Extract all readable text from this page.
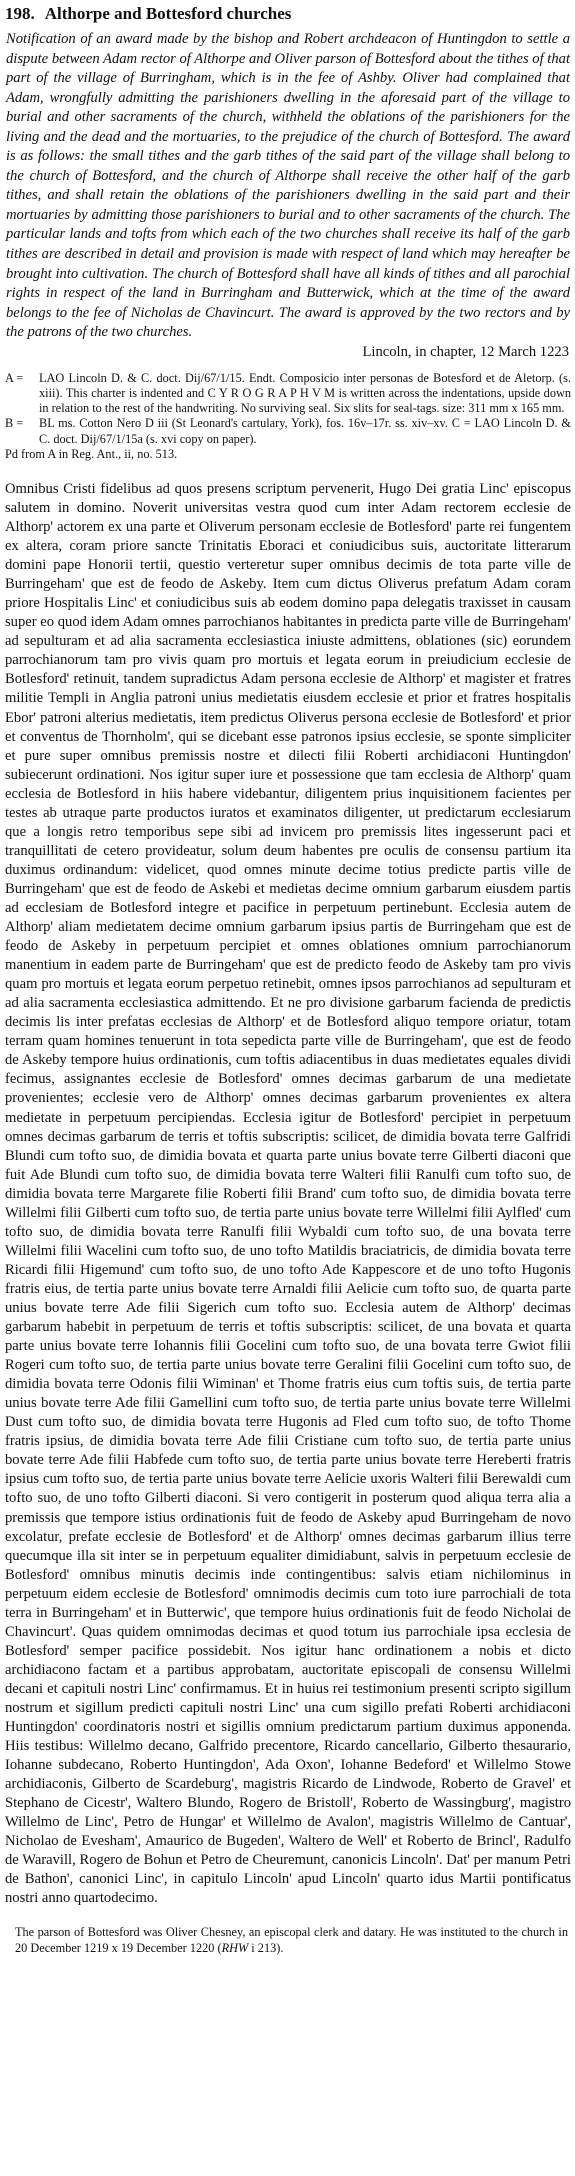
198. Althorpe and Bottesford churches

Notification of an award made by the bishop and Robert archdeacon of Huntingdon to settle a dispute between Adam rector of Althorpe and Oliver parson of Bottesford about the tithes of that part of the village of Burringham, which is in the fee of Ashby. Oliver had complained that Adam, wrongfully admitting the parishioners dwelling in the aforesaid part of the village to burial and other sacraments of the church, withheld the oblations of the parishioners for the living and the dead and the mortuaries, to the prejudice of the church of Bottesford. The award is as follows: the small tithes and the garb tithes of the said part of the village shall belong to the church of Bottesford, and the church of Althorpe shall receive the other half of the garb tithes, and shall retain the oblations of the parishioners dwelling in the said part and their mortuaries by admitting those parishioners to burial and to other sacraments of the church. The particular lands and tofts from which each of the two churches shall receive its half of the garb tithes are described in detail and provision is made with respect of land which may hereafter be brought into cultivation. The church of Bottesford shall have all kinds of tithes and all parochial rights in respect of the land in Burringham and Butterwick, which at the time of the award belongs to the fee of Nicholas de Chavincurt. The award is approved by the two rectors and by the patrons of the two churches.

Lincoln, in chapter, 12 March 1223

A = LAO Lincoln D. & C. doct. Dij/67/1/15. Endt. Composicio inter personas de Botesford et de Aletorp. (s. xiii). This charter is indented and C Y R O G R A P H V M is written across the indentations, upside down in relation to the rest of the handwriting. No surviving seal. Six slits for seal-tags. size: 311 mm x 165 mm.

B = BL ms. Cotton Nero D iii (St Leonard's cartulary, York), fos. 16v–17r. ss. xiv–xv. C = LAO Lincoln D. & C. doct. Dij/67/1/15a (s. xvi copy on paper).

Pd from A in Reg. Ant., ii, no. 513.

Omnibus Cristi fidelibus ad quos presens scriptum pervenerit, Hugo Dei gratia Linc' episcopus salutem in domino. Noverit universitas vestra quod cum inter Adam rectorem ecclesie de Althorp' actorem ex una parte et Oliverum personam ecclesie de Botlesford' parte rei fungentem ex altera, coram priore sancte Trinitatis Eboraci et coniudicibus suis, auctoritate litterarum domini pape Honorii tertii, questio verteretur super omnibus decimis de tota parte ville de Burringeham' que est de feodo de Askeby. Item cum dictus Oliverus prefatum Adam coram priore Hospitalis Linc' et coniudicibus suis ab eodem domino papa delegatis traxisset in causam super eo quod idem Adam omnes parrochianos habitantes in predicta parte ville de Burringeham' ad sepulturam et ad alia sacramenta ecclesiastica iniuste admittens, oblationes (sic) eorundem parrochianorum tam pro vivis quam pro mortuis et legata eorum in preiudicium ecclesie de Botlesford' retinuit, tandem supradictus Adam persona ecclesie de Althorp' et magister et fratres militie Templi in Anglia patroni unius medietatis eiusdem ecclesie et prior et fratres hospitalis Ebor' patroni alterius medietatis, item predictus Oliverus persona ecclesie de Botlesford' et prior et conventus de Thornholm', qui se dicebant esse patronos ipsius ecclesie, se sponte simpliciter et pure super omnibus premissis nostre et dilecti filii Roberti archidiaconi Huntingdon' subiecerunt ordinationi. Nos igitur super iure et possessione que tam ecclesia de Althorp' quam ecclesia de Botlesford in hiis habere videbantur, diligentem prius inquisitionem facientes per testes ab utraque parte productos iuratos et examinatos diligenter, ut predictarum ecclesiarum que a longis retro temporibus sepe sibi ad invicem pro premissis lites ingesserunt paci et tranquillitati de cetero provideatur, solum deum habentes pre oculis de consensu partium ita duximus ordinandum: videlicet, quod omnes minute decime totius predicte partis ville de Burringeham' que est de feodo de Askebi et medietas decime omnium garbarum eiusdem partis ad ecclesiam de Botlesford integre et pacifice in perpetuum pertinebunt. Ecclesia autem de Althorp' aliam medietatem decime omnium garbarum ipsius partis de Burringeham que est de feodo de Askeby in perpetuum percipiet et omnes oblationes omnium parrochianorum manentium in eadem parte de Burringeham' que est de predicto feodo de Askeby tam pro vivis quam pro mortuis et legata eorum perpetuo retinebit, omnes ipsos parrochianos ad sepulturam et ad alia sacramenta ecclesiastica admittendo. Et ne pro divisione garbarum facienda de predictis decimis lis inter prefatas ecclesias de Althorp' et de Botlesford aliquo tempore oriatur, totam terram quam homines tenuerunt in tota sepedicta parte ville de Burringeham', que est de feodo de Askeby tempore huius ordinationis, cum toftis adiacentibus in duas medietates equales dividi fecimus, assignantes ecclesie de Botlesford' omnes decimas garbarum de una medietate provenientes; ecclesie vero de Althorp' omnes decimas garbarum provenientes ex altera medietate in perpetuum percipiendas. Ecclesia igitur de Botlesford' percipiet in perpetuum omnes decimas garbarum de terris et toftis subscriptis: scilicet, de dimidia bovata terre Galfridi Blundi cum tofto suo, de dimidia bovata et quarta parte unius bovate terre Gilberti diaconi que fuit Ade Blundi cum tofto suo, de dimidia bovata terre Walteri filii Ranulfi cum tofto suo, de dimidia bovata terre Margarete filie Roberti filii Brand' cum tofto suo, de dimidia bovata terre Willelmi filii Gilberti cum tofto suo, de tertia parte unius bovate terre Willelmi filii Aylfled' cum tofto suo, de dimidia bovata terre Ranulfi filii Wybaldi cum tofto suo, de una bovata terre Willelmi filii Wacelini cum tofto suo, de uno tofto Matildis braciatricis, de dimidia bovata terre Ricardi filii Higemund' cum tofto suo, de uno tofto Ade Kappescore et de uno tofto Hugonis fratris eius, de tertia parte unius bovate terre Arnaldi filii Aelicie cum tofto suo, de quarta parte unius bovate terre Ade filii Sigerich cum tofto suo. Ecclesia autem de Althorp' decimas garbarum habebit in perpetuum de terris et toftis subscriptis: scilicet, de una bovata et quarta parte unius bovate terre Iohannis filii Gocelini cum tofto suo, de una bovata terre Gwiot filii Rogeri cum tofto suo, de tertia parte unius bovate terre Geralini filii Gocelini cum tofto suo, de dimidia bovata terre Odonis filii Wiminan' et Thome fratris eius cum toftis suis, de tertia parte unius bovate terre Ade filii Gamellini cum tofto suo, de tertia parte unius bovate terre Willelmi Dust cum tofto suo, de dimidia bovata terre Hugonis ad Fled cum tofto suo, de tofto Thome fratris ipsius, de dimidia bovata terre Ade filii Cristiane cum tofto suo, de tertia parte unius bovate terre Ade filii Habfede cum tofto suo, de tertia parte unius bovate terre Hereberti fratris ipsius cum tofto suo, de tertia parte unius bovate terre Aelicie uxoris Walteri filii Berewaldi cum tofto suo, de uno tofto Gilberti diaconi. Si vero contigerit in posterum quod aliqua terra alia a premissis que tempore istius ordinationis fuit de feodo de Askeby apud Burringeham de novo excolatur, prefate ecclesie de Botlesford' et de Althorp' omnes decimas garbarum illius terre quecumque illa sit inter se in perpetuum equaliter dimidiabunt, salvis in perpetuum ecclesie de Botlesford' omnibus minutis decimis inde contingentibus: salvis etiam nichilominus in perpetuum eidem ecclesie de Botlesford' omnimodis decimis cum toto iure parrochiali de tota terra in Burringeham' et in Butterwic', que tempore huius ordinationis fuit de feodo Nicholai de Chavincurt'. Quas quidem omnimodas decimas et quod totum ius parrochiale ipsa ecclesia de Botlesford' semper pacifice possidebit. Nos igitur hanc ordinationem a nobis et dicto archidiacono factam et a partibus approbatam, auctoritate episcopali de consensu Willelmi decani et capituli nostri Linc' confirmamus. Et in huius rei testimonium presenti scripto sigillum nostrum et sigillum predicti capituli nostri Linc' una cum sigillo prefati Roberti archidiaconi Huntingdon' coordinatoris nostri et sigillis omnium predictarum partium duximus apponenda. Hiis testibus: Willelmo decano, Galfrido precentore, Ricardo cancellario, Gilberto thesaurario, Iohanne subdecano, Roberto Huntingdon', Ada Oxon', Iohanne Bedeford' et Willelmo Stowe archidiaconis, Gilberto de Scardeburg', magistris Ricardo de Lindwode, Roberto de Gravel' et Stephano de Cicestr', Waltero Blundo, Rogero de Bristoll', Roberto de Wassingburg', magistro Willelmo de Linc', Petro de Hungar' et Willelmo de Avalon', magistris Willelmo de Cantuar', Nicholao de Evesham', Amaurico de Bugeden', Waltero de Well' et Roberto de Brincl', Radulfo de Waravill, Rogero de Bohun et Petro de Cheuremunt, canonicis Lincoln'. Dat' per manum Petri de Bathon', canonici Linc', in capitulo Lincoln' apud Lincoln' quarto idus Martii pontificatus nostri anno quartodecimo.

The parson of Bottesford was Oliver Chesney, an episcopal clerk and datary. He was instituted to the church in 20 December 1219 x 19 December 1220 (RHW i 213).
